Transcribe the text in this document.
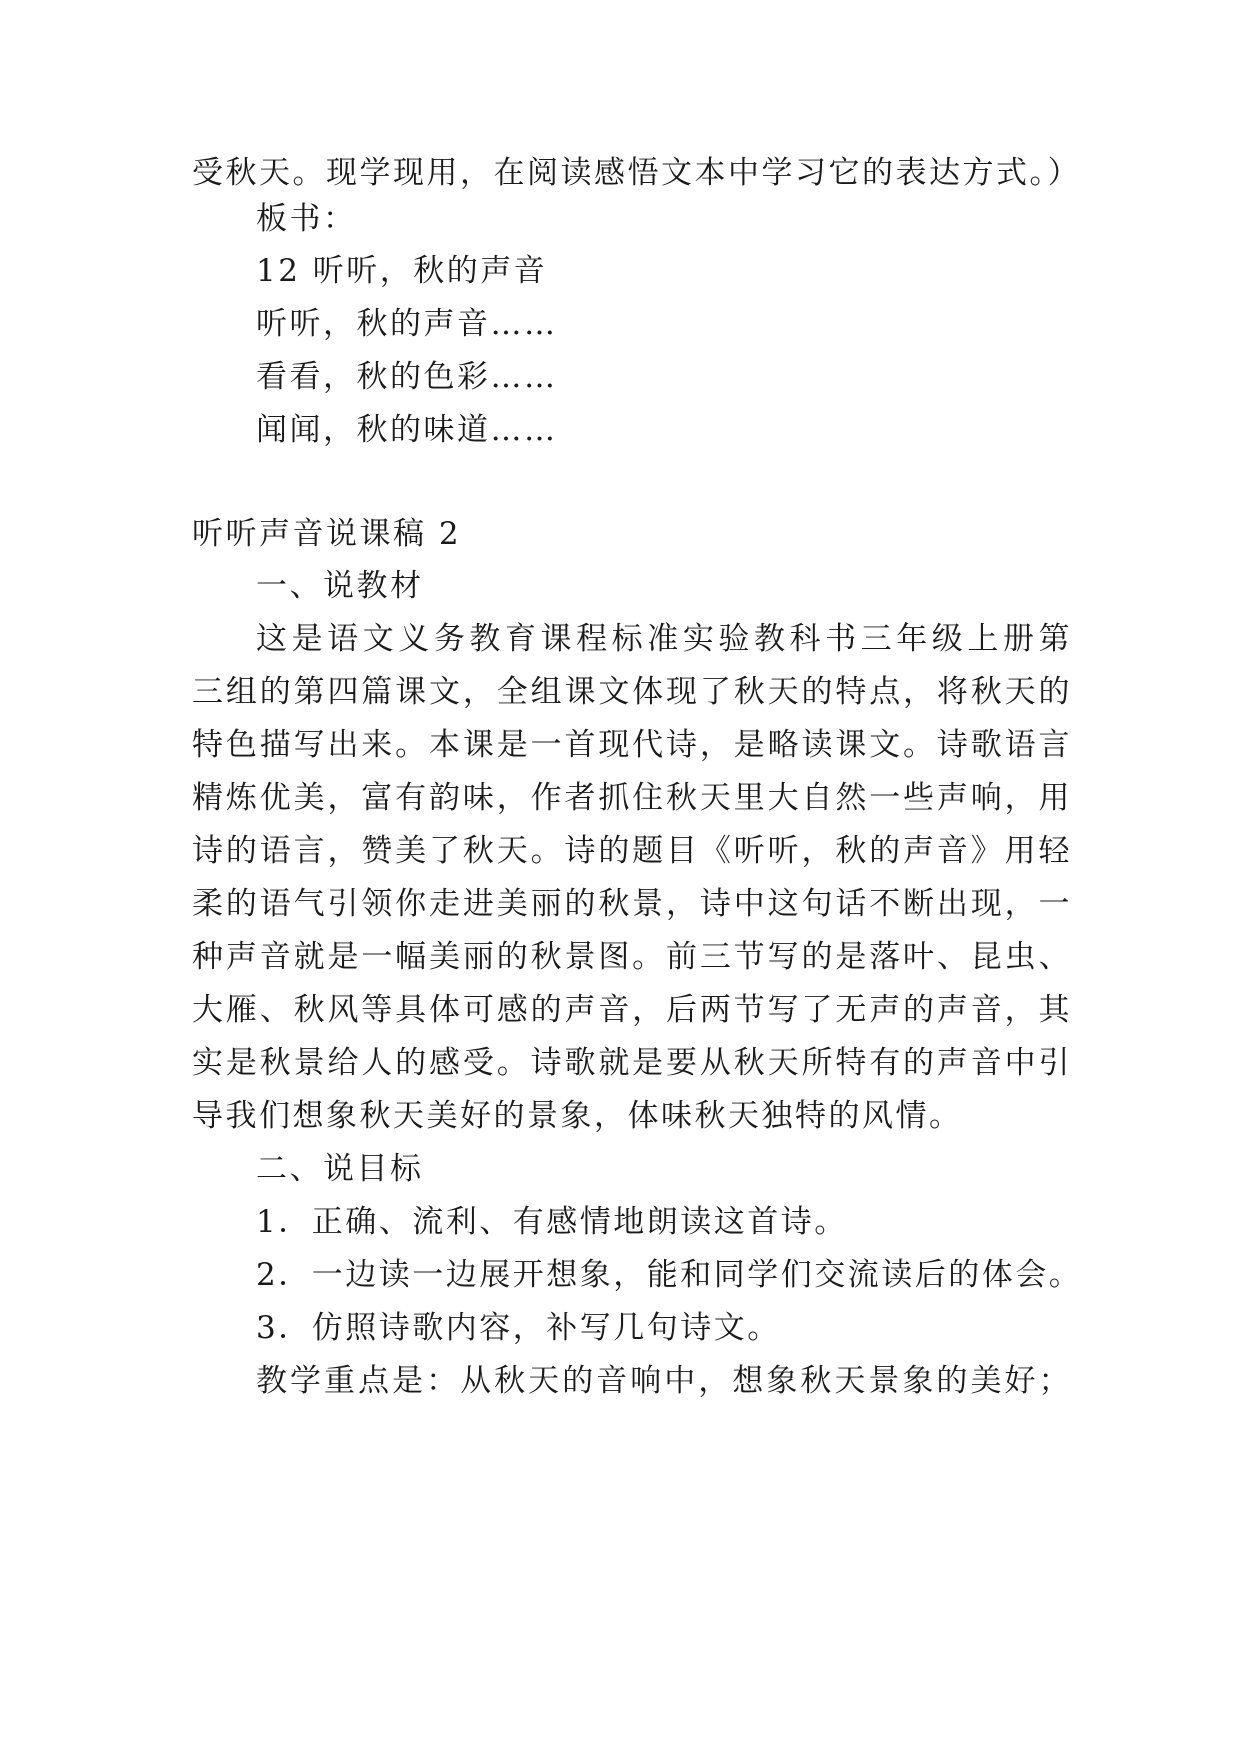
受秋天。现学现用，在阅读感悟文本中学习它的表达方式。）
板书：
12 听听，秋的声音
听听，秋的声音……
看看，秋的色彩……
闻闻，秋的味道……
听听声音说课稿 2
一、说教材
这是语文义务教育课程标准实验教科书三年级上册第
三组的第四篇课文，全组课文体现了秋天的特点，将秋天的
特色描写出来。本课是一首现代诗，是略读课文。诗歌语言
精炼优美，富有韵味，作者抓住秋天里大自然一些声响，用
诗的语言，赞美了秋天。诗的题目《听听，秋的声音》用轻
柔的语气引领你走进美丽的秋景，诗中这句话不断出现，一
种声音就是一幅美丽的秋景图。前三节写的是落叶、昆虫、
大雁、秋风等具体可感的声音，后两节写了无声的声音，其
实是秋景给人的感受。诗歌就是要从秋天所特有的声音中引
导我们想象秋天美好的景象，体味秋天独特的风情。
二、说目标
1．正确、流利、有感情地朗读这首诗。
2．一边读一边展开想象，能和同学们交流读后的体会。
3．仿照诗歌内容，补写几句诗文。
教学重点是：从秋天的音响中，想象秋天景象的美好；
